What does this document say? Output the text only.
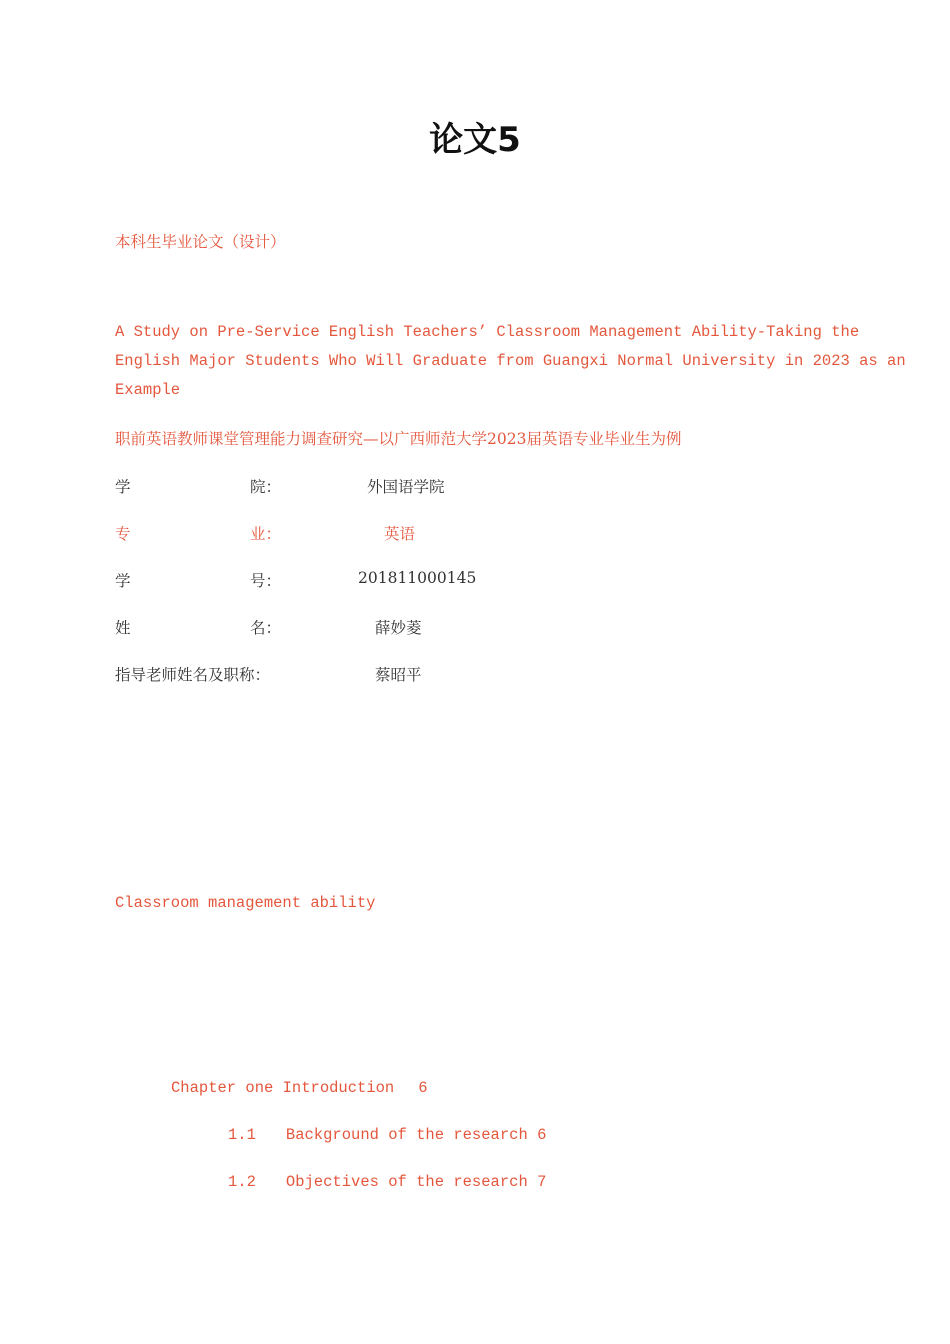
论文5
本科生毕业论文（设计）
A Study on Pre-Service English Teachers’ Classroom Management Ability-Taking the
English Major Students Who Will Graduate from Guangxi Normal University in 2023 as an
Example
职前英语教师课堂管理能力调查研究—以广西师范大学2023届英语专业毕业生为例
学	院：	外国语学院
专	业：	英语
学	号：	201811000145
姓	名：	薛妙菱
指导老师姓名及职称：	蔡昭平
Classroom management ability
Chapter one Introduction 6
1.1 Background of the research 6
1.2 Objectives of the research 7
